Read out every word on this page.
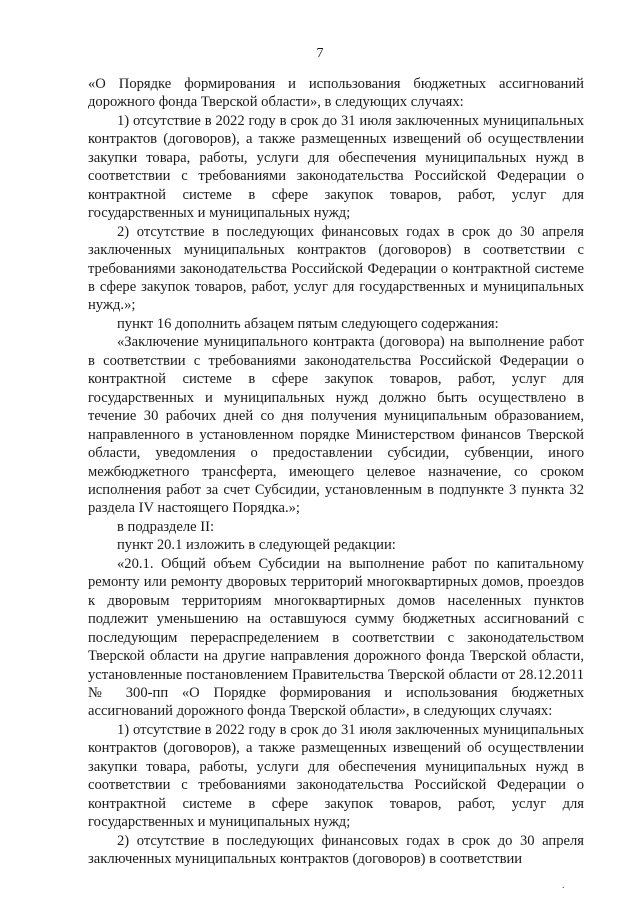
7

«О Порядке формирования и использования бюджетных ассигнований дорожного фонда Тверской области», в следующих случаях:

1) отсутствие в 2022 году в срок до 31 июля заключенных муниципальных контрактов (договоров), а также размещенных извещений об осуществлении закупки товара, работы, услуги для обеспечения муниципальных нужд в соответствии с требованиями законодательства Российской Федерации о контрактной системе в сфере закупок товаров, работ, услуг для государственных и муниципальных нужд;

2) отсутствие в последующих финансовых годах в срок до 30 апреля заключенных муниципальных контрактов (договоров) в соответствии с требованиями законодательства Российской Федерации о контрактной системе в сфере закупок товаров, работ, услуг для государственных и муниципальных нужд.»;

пункт 16 дополнить абзацем пятым следующего содержания:

«Заключение муниципального контракта (договора) на выполнение работ в соответствии с требованиями законодательства Российской Федерации о контрактной системе в сфере закупок товаров, работ, услуг для государственных и муниципальных нужд должно быть осуществлено в течение 30 рабочих дней со дня получения муниципальным образованием, направленного в установленном порядке Министерством финансов Тверской области, уведомления о предоставлении субсидии, субвенции, иного межбюджетного трансферта, имеющего целевое назначение, со сроком исполнения работ за счет Субсидии, установленным в подпункте 3 пункта 32 раздела IV настоящего Порядка.»;

в подразделе II:

пункт 20.1 изложить в следующей редакции:

«20.1. Общий объем Субсидии на выполнение работ по капитальному ремонту или ремонту дворовых территорий многоквартирных домов, проездов к дворовым территориям многоквартирных домов населенных пунктов подлежит уменьшению на оставшуюся сумму бюджетных ассигнований с последующим перераспределением в соответствии с законодательством Тверской области на другие направления дорожного фонда Тверской области, установленные постановлением Правительства Тверской области от 28.12.2011 № 300-пп «О Порядке формирования и использования бюджетных ассигнований дорожного фонда Тверской области», в следующих случаях:

1) отсутствие в 2022 году в срок до 31 июля заключенных муниципальных контрактов (договоров), а также размещенных извещений об осуществлении закупки товара, работы, услуги для обеспечения муниципальных нужд в соответствии с требованиями законодательства Российской Федерации о контрактной системе в сфере закупок товаров, работ, услуг для государственных и муниципальных нужд;

2) отсутствие в последующих финансовых годах в срок до 30 апреля заключенных муниципальных контрактов (договоров) в соответствии

.
